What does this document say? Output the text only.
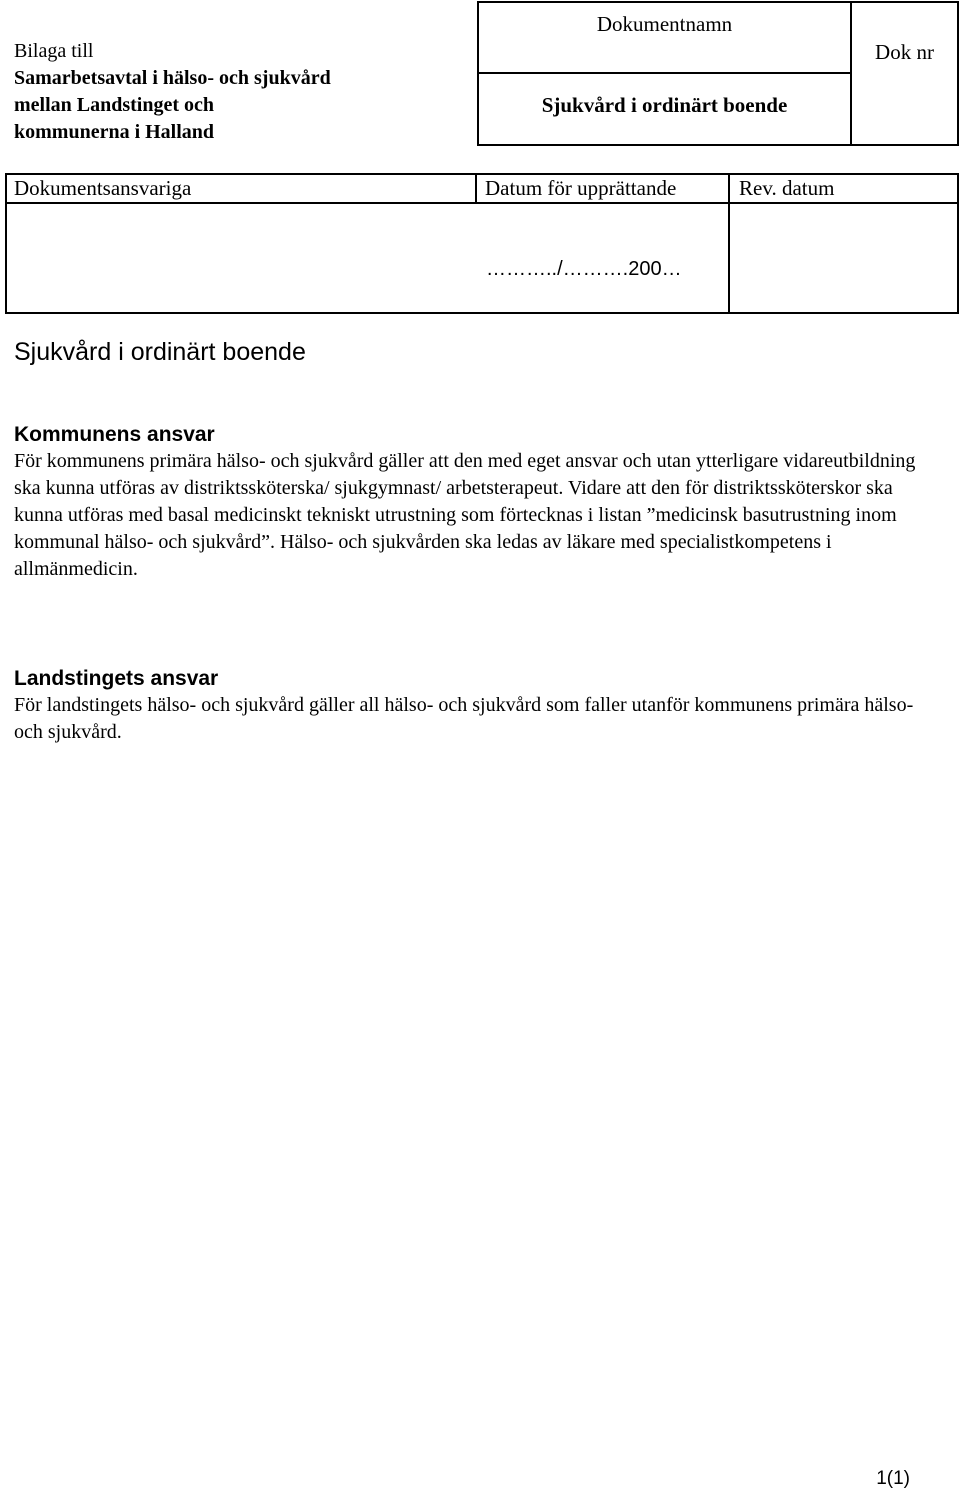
Bilaga till
Samarbetsavtal i hälso- och sjukvård
mellan Landstinget och
kommunerna i Halland
Dokumentnamn
Sjukvård i ordinärt boende
Dok nr
Dokumentsansvariga	Datum för upprättande	Rev. datum
………../……….200…
Sjukvård i ordinärt boende
Kommunens ansvar

För kommunens primära hälso- och sjukvård gäller att den med eget ansvar och utan ytterligare vidareutbildning ska kunna utföras av distriktssköterska/ sjukgymnast/ arbetsterapeut. Vidare att den för distriktssköterskor ska kunna utföras med basal medicinskt tekniskt utrustning som förtecknas i listan ”medicinsk basutrustning inom kommunal hälso- och sjukvård”. Hälso- och sjukvården ska ledas av läkare med specialistkompetens i allmänmedicin.

Landstingets ansvar

För landstingets hälso- och sjukvård gäller all hälso- och sjukvård som faller utanför kommunens primära hälso- och sjukvård.

1(1)
